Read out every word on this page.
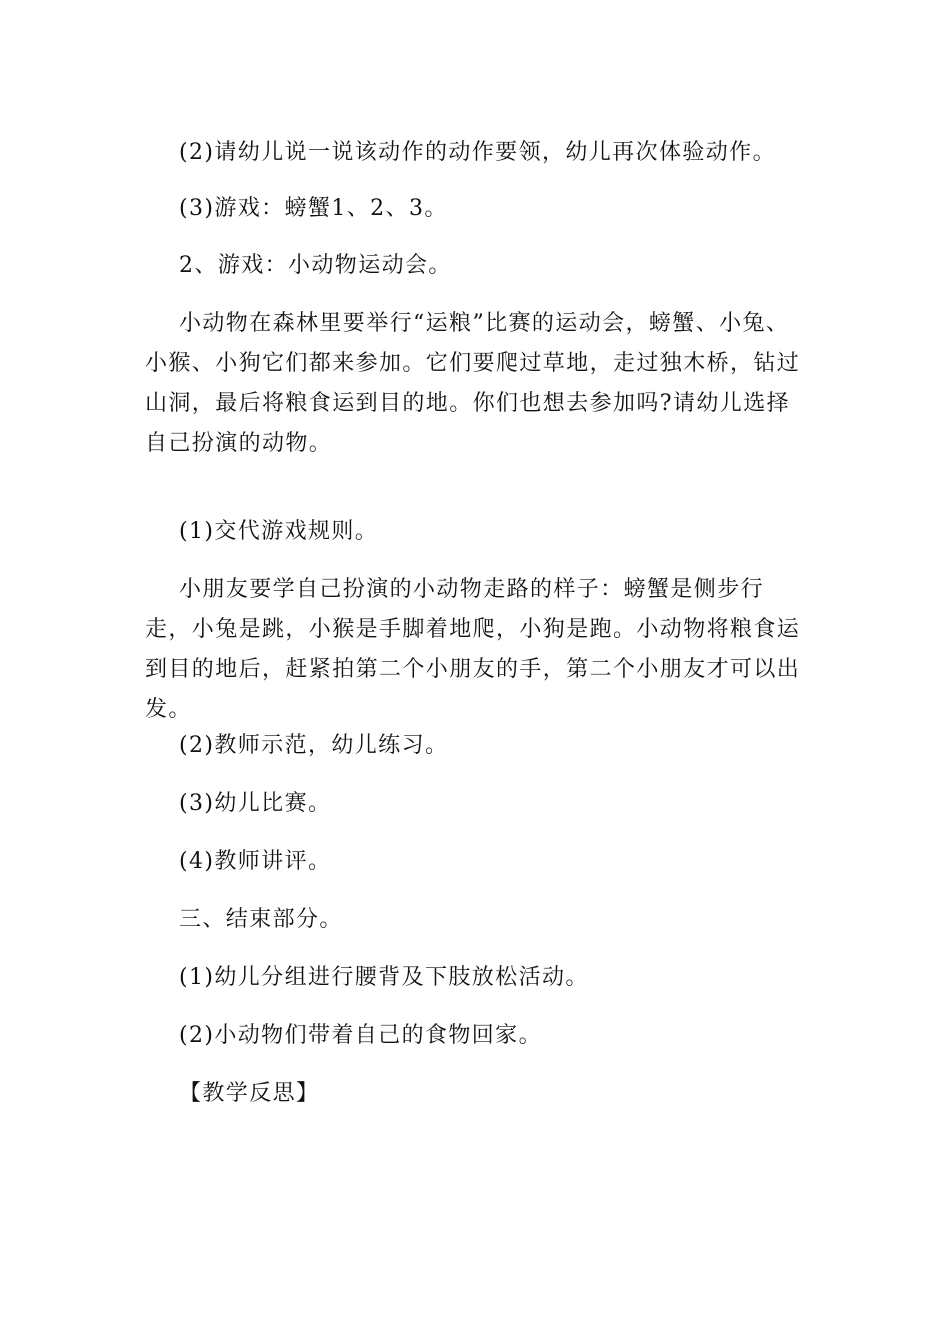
(2)请幼儿说一说该动作的动作要领，幼儿再次体验动作。

(3)游戏：螃蟹1、2、3。

2、游戏：小动物运动会。

小动物在森林里要举行“运粮”比赛的运动会，螃蟹、小兔、小猴、小狗它们都来参加。它们要爬过草地，走过独木桥，钻过山洞，最后将粮食运到目的地。你们也想去参加吗?请幼儿选择自己扮演的动物。

(1)交代游戏规则。

小朋友要学自己扮演的小动物走路的样子：螃蟹是侧步行走，小兔是跳，小猴是手脚着地爬，小狗是跑。小动物将粮食运到目的地后，赶紧拍第二个小朋友的手，第二个小朋友才可以出发。

(2)教师示范，幼儿练习。

(3)幼儿比赛。

(4)教师讲评。

三、结束部分。

(1)幼儿分组进行腰背及下肢放松活动。

(2)小动物们带着自己的食物回家。

【教学反思】
